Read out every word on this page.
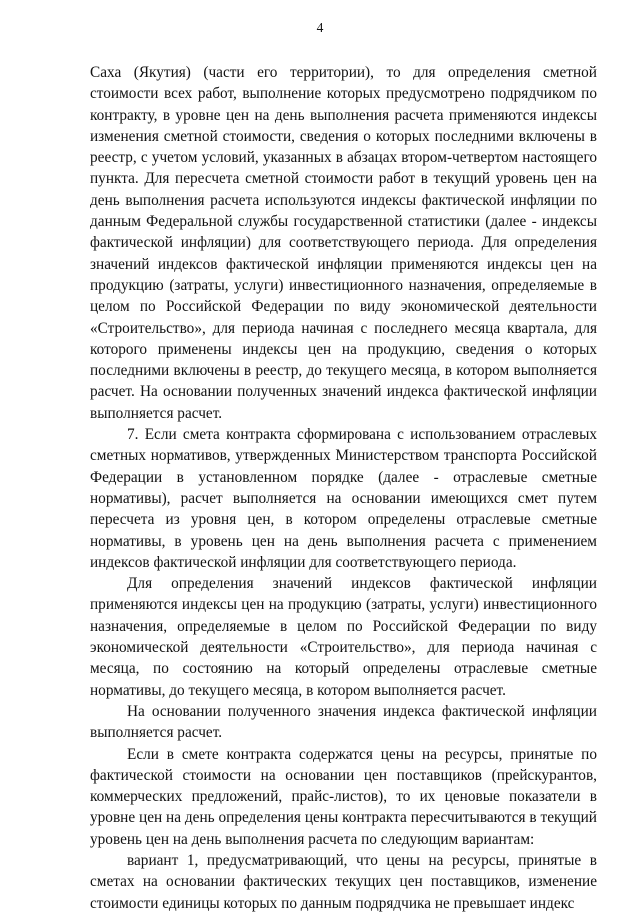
4

Саха (Якутия) (части его территории), то для определения сметной стоимости всех работ, выполнение которых предусмотрено подрядчиком по контракту, в уровне цен на день выполнения расчета применяются индексы изменения сметной стоимости, сведения о которых последними включены в реестр, с учетом условий, указанных в абзацах втором-четвертом настоящего пункта. Для пересчета сметной стоимости работ в текущий уровень цен на день выполнения расчета используются индексы фактической инфляции по данным Федеральной службы государственной статистики (далее - индексы фактической инфляции) для соответствующего периода. Для определения значений индексов фактической инфляции применяются индексы цен на продукцию (затраты, услуги) инвестиционного назначения, определяемые в целом по Российской Федерации по виду экономической деятельности «Строительство», для периода начиная с последнего месяца квартала, для которого применены индексы цен на продукцию, сведения о которых последними включены в реестр, до текущего месяца, в котором выполняется расчет. На основании полученных значений индекса фактической инфляции выполняется расчет.

7. Если смета контракта сформирована с использованием отраслевых сметных нормативов, утвержденных Министерством транспорта Российской Федерации в установленном порядке (далее - отраслевые сметные нормативы), расчет выполняется на основании имеющихся смет путем пересчета из уровня цен, в котором определены отраслевые сметные нормативы, в уровень цен на день выполнения расчета с применением индексов фактической инфляции для соответствующего периода.

Для определения значений индексов фактической инфляции применяются индексы цен на продукцию (затраты, услуги) инвестиционного назначения, определяемые в целом по Российской Федерации по виду экономической деятельности «Строительство», для периода начиная с месяца, по состоянию на который определены отраслевые сметные нормативы, до текущего месяца, в котором выполняется расчет.

На основании полученного значения индекса фактической инфляции выполняется расчет.

Если в смете контракта содержатся цены на ресурсы, принятые по фактической стоимости на основании цен поставщиков (прейскурантов, коммерческих предложений, прайс-листов), то их ценовые показатели в уровне цен на день определения цены контракта пересчитываются в текущий уровень цен на день выполнения расчета по следующим вариантам:

вариант 1, предусматривающий, что цены на ресурсы, принятые в сметах на основании фактических текущих цен поставщиков, изменение стоимости единицы которых по данным подрядчика не превышает индекс
